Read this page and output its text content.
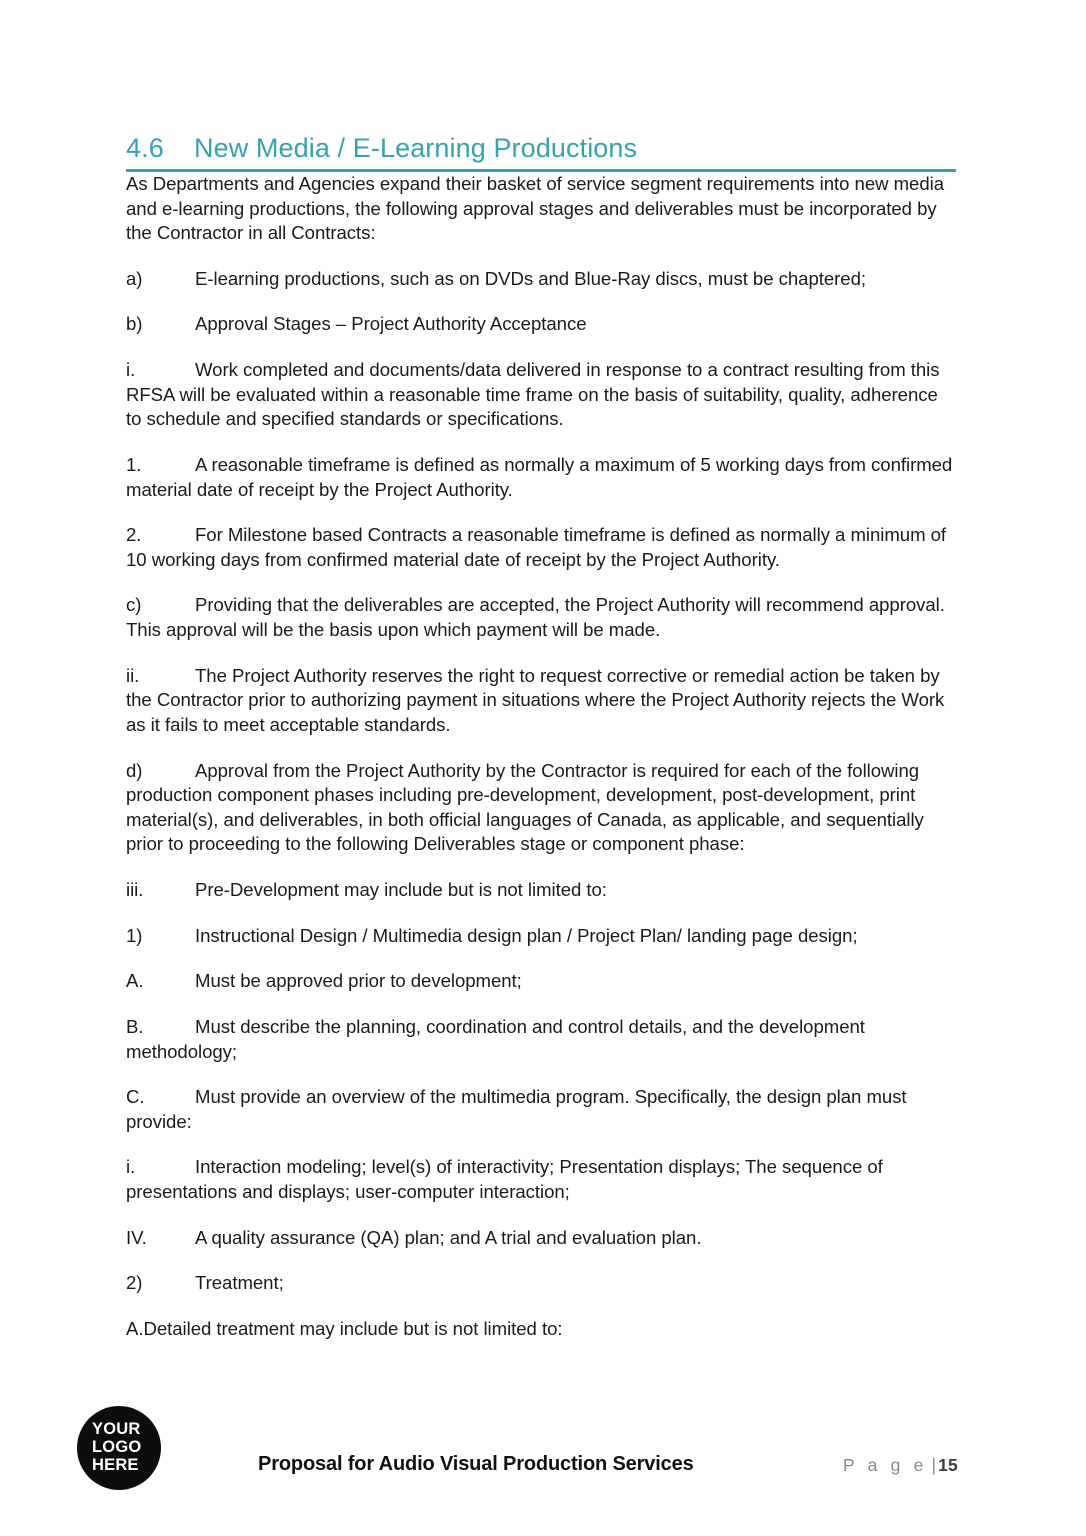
4.6	New Media / E-Learning Productions

As Departments and Agencies expand their basket of service segment requirements into new media and e-learning productions, the following approval stages and deliverables must be incorporated by the Contractor in all Contracts:

a)	E-learning productions, such as on DVDs and Blue-Ray discs, must be chaptered;

b)	Approval Stages – Project Authority Acceptance

i.	Work completed and documents/data delivered in response to a contract resulting from this RFSA will be evaluated within a reasonable time frame on the basis of suitability, quality, adherence to schedule and specified standards or specifications.

1.	A reasonable timeframe is defined as normally a maximum of 5 working days from confirmed material date of receipt by the Project Authority.

2.	For Milestone based Contracts a reasonable timeframe is defined as normally a minimum of 10 working days from confirmed material date of receipt by the Project Authority.

c)	Providing that the deliverables are accepted, the Project Authority will recommend approval. This approval will be the basis upon which payment will be made.

ii.	The Project Authority reserves the right to request corrective or remedial action be taken by the Contractor prior to authorizing payment in situations where the Project Authority rejects the Work as it fails to meet acceptable standards.

d)	Approval from the Project Authority by the Contractor is required for each of the following production component phases including pre-development, development, post-development, print material(s), and deliverables, in both official languages of Canada, as applicable, and sequentially prior to proceeding to the following Deliverables stage or component phase:

iii.	Pre-Development may include but is not limited to:

1)	Instructional Design / Multimedia design plan / Project Plan/ landing page design;

A.	Must be approved prior to development;

B.	Must describe the planning, coordination and control details, and the development methodology;

C.	Must provide an overview of the multimedia program. Specifically, the design plan must provide:

i.	Interaction modeling; level(s) of interactivity; Presentation displays; The sequence of presentations and displays; user-computer interaction;

IV.	A quality assurance (QA) plan; and A trial and evaluation plan.

2)	Treatment;

A.Detailed treatment may include but is not limited to:

YOUR
LOGO
HERE	Proposal for Audio Visual Production Services	P a g e | 15
